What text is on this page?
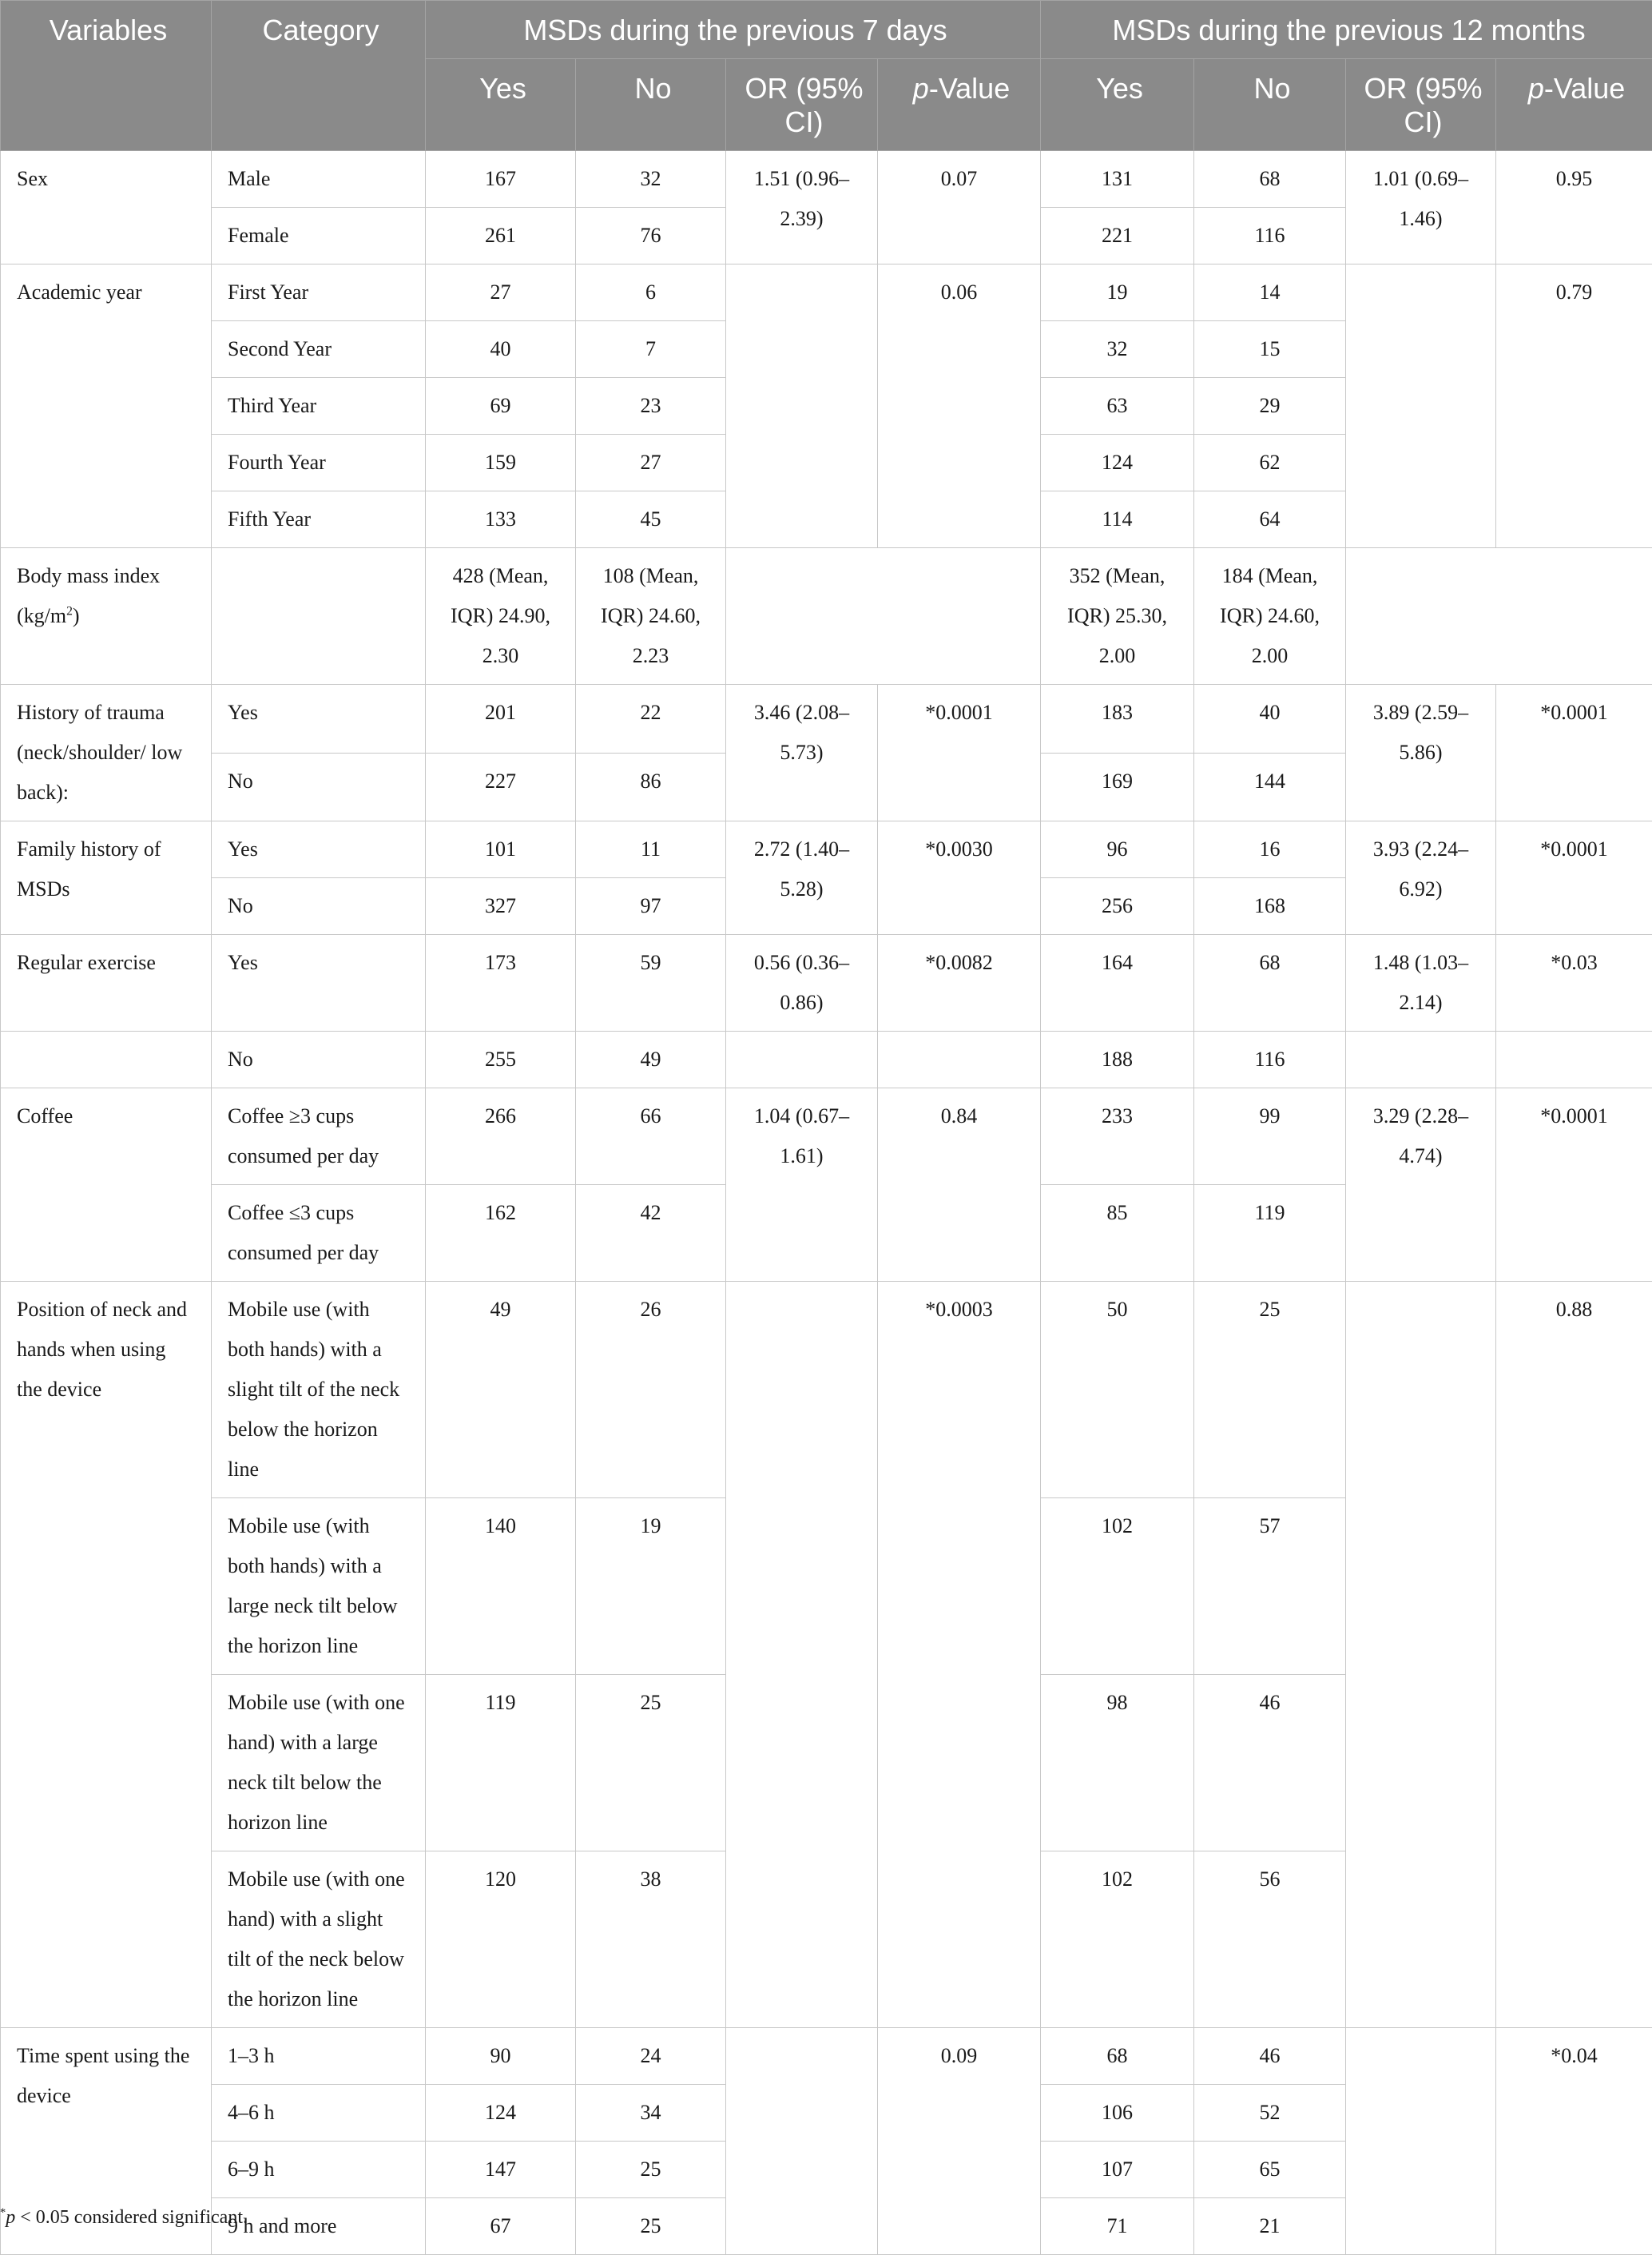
Variables	Category	MSDs during the previous 7 days				MSDs during the previous 12 months			
		Yes	No	OR (95% CI)	p-Value	Yes	No	OR (95% CI)	p-Value
Sex	Male	167	32	1.51 (0.96–2.39)	0.07	131	68	1.01 (0.69–1.46)	0.95
	Female	261	76			221	116		
Academic year	First Year	27	6		0.06	19	14		0.79
	Second Year	40	7			32	15		
	Third Year	69	23			63	29		
	Fourth Year	159	27			124	62		
	Fifth Year	133	45			114	64		
Body mass index $(kg/m^2)$		428 (Mean, IQR) 24.90, 2.30	108 (Mean, IQR) 24.60, 2.23			352 (Mean, IQR) 25.30, 2.00	184 (Mean, IQR) 24.60, 2.00		
History of trauma (neck/shoulder/ low back):	Yes	201	22	3.46 (2.08–5.73)	*0.0001	183	40	3.89 (2.59–5.86)	*0.0001
	No	227	86			169	144		
Family history of MSDs	Yes	101	11	2.72 (1.40–5.28)	*0.0030	96	16	3.93 (2.24–6.92)	*0.0001
	No	327	97			256	168		
Regular exercise	Yes	173	59	0.56 (0.36–0.86)	*0.0082	164	68	1.48 (1.03–2.14)	*0.03
	No	255	49			188	116		
Coffee	Coffee ≥3 cups consumed per day	266	66	1.04 (0.67–1.61)	0.84	233	99	3.29 (2.28–4.74)	*0.0001
	Coffee ≤3 cups consumed per day	162	42			85	119		
Position of neck and hands when using the device	Mobile use (with both hands) with a slight tilt of the neck below the horizon line	49	26		*0.0003	50	25		0.88
	Mobile use (with both hands) with a large neck tilt below the horizon line	140	19			102	57		
	Mobile use (with one hand) with a large neck tilt below the horizon line	119	25			98	46		
	Mobile use (with one hand) with a slight tilt of the neck below the horizon line	120	38			102	56		
Time spent using the device	1–3 h	90	24		0.09	68	46		*0.04
	4–6 h	124	34			106	52		
	6–9 h	147	25			107	65		
	9 h and more	67	25			71	21		
*p < 0.05 considered significant.
